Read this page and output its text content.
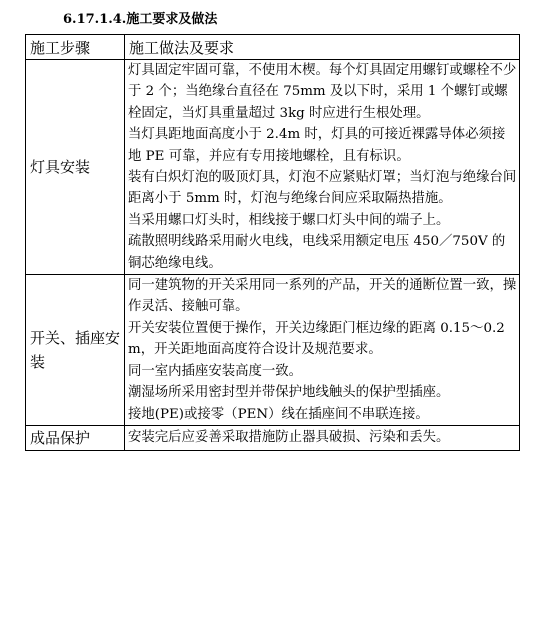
6.17.1.4.施工要求及做法
施工步骤	施工做法及要求
灯具安装	灯具固定牢固可靠，不使用木楔。每个灯具固定用螺钉或螺栓不少于 2 个；当绝缘台直径在 75mm 及以下时，采用 1 个螺钉或螺栓固定，当灯具重量超过 3kg 时应进行生根处理。

当灯具距地面高度小于 2.4m 时，灯具的可接近裸露导体必须接地 PE 可靠，并应有专用接地螺栓，且有标识。

装有白炽灯泡的吸顶灯具，灯泡不应紧贴灯罩；当灯泡与绝缘台间距离小于 5mm 时，灯泡与绝缘台间应采取隔热措施。

当采用螺口灯头时，相线接于螺口灯头中间的端子上。

疏散照明线路采用耐火电线，电线采用额定电压 450／750V 的铜芯绝缘电线。

开关、插座安装	同一建筑物的开关采用同一系列的产品，开关的通断位置一致，操作灵活、接触可靠。

开关安装位置便于操作，开关边缘距门框边缘的距离 0.15～0.2m，开关距地面高度符合设计及规范要求。

同一室内插座安装高度一致。

潮湿场所采用密封型并带保护地线触头的保护型插座。

接地(PE)或接零（PEN）线在插座间不串联连接。

成品保护	安装完后应妥善采取措施防止器具破损、污染和丢失。
